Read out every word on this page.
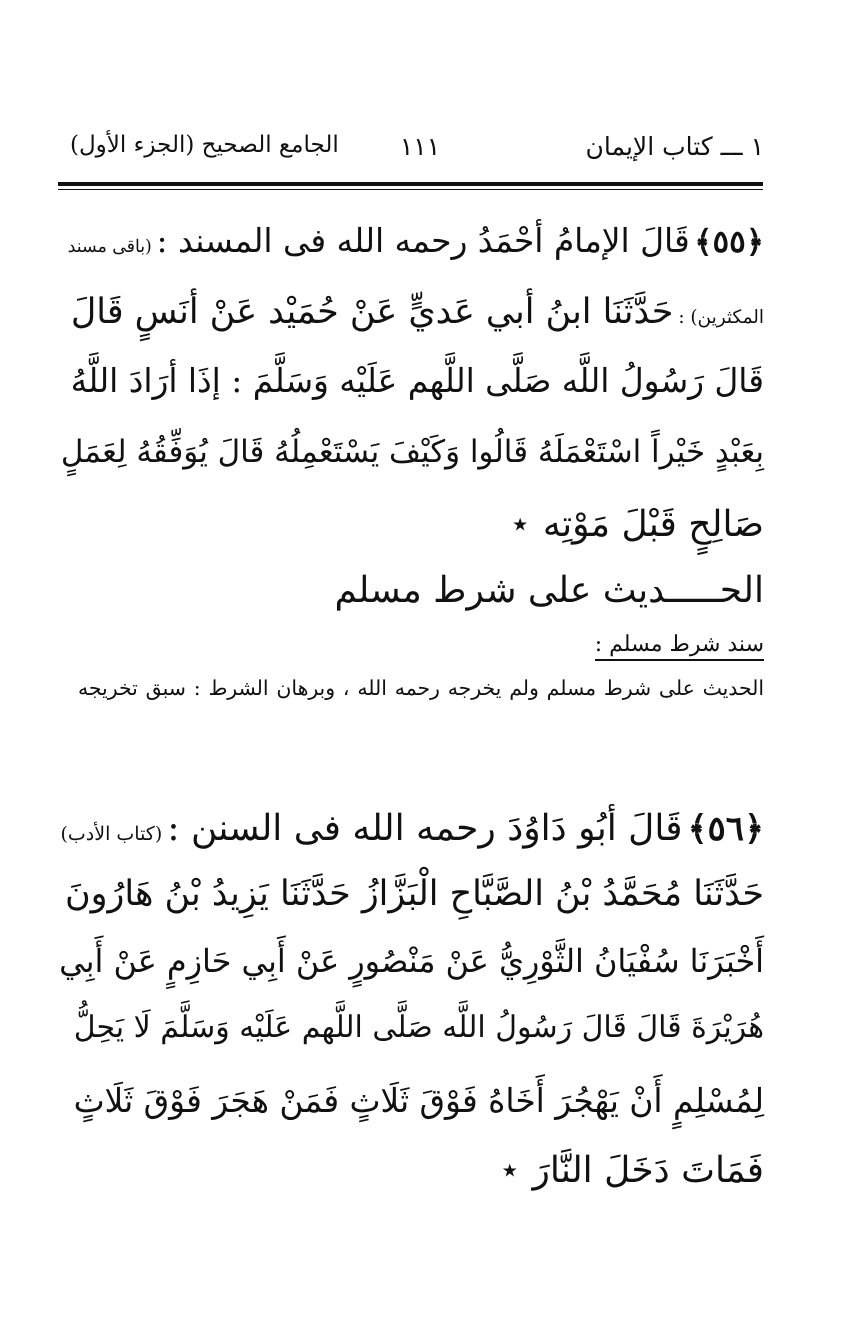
١ ـــ كتاب الإيمان
١١١
الجامع الصحيح (الجزء الأول)
﴿٥٥﴾ قَالَ الإمامُ أحْمَدُ رحمه الله فى المسند : (باقى مسند
المكثرين) : حَدَّثَنَا ابنُ أبي عَديٍّ عَنْ حُمَيْد عَنْ أنَسٍ قَالَ
قَالَ رَسُولُ اللَّه صَلَّى اللَّهم عَلَيْه وَسَلَّمَ : إذَا أرَادَ اللَّهُ
بِعَبْدٍ خَيْراً اسْتَعْمَلَهُ قَالُوا وَكَيْفَ يَسْتَعْمِلُهُ قَالَ يُوَفِّقُهُ لِعَمَلٍ
صَالِحٍ قَبْلَ مَوْتِه ⋆
الحـــــديث على شرط مسلم
سند شرط مسلم :
الحديث على شرط مسلم ولم يخرجه رحمه الله ، وبرهان الشرط : سبق تخريجه
﴿٥٦﴾ قَالَ أبُو دَاوُدَ رحمه الله فى السنن : (كتاب الأدب)
حَدَّثَنَا مُحَمَّدُ بْنُ الصَّبَّاحِ الْبَزَّازُ حَدَّثَنَا يَزِيدُ بْنُ هَارُونَ
أَخْبَرَنَا سُفْيَانُ الثَّوْرِيُّ عَنْ مَنْصُورٍ عَنْ أَبِي حَازِمٍ عَنْ أَبِي
هُرَيْرَةَ قَالَ قَالَ رَسُولُ اللَّه صَلَّى اللَّهم عَلَيْه وَسَلَّمَ لَا يَحِلُّ
لِمُسْلِمٍ أَنْ يَهْجُرَ أَخَاهُ فَوْقَ ثَلَاثٍ فَمَنْ هَجَرَ فَوْقَ ثَلَاثٍ
فَمَاتَ دَخَلَ النَّارَ ⋆
